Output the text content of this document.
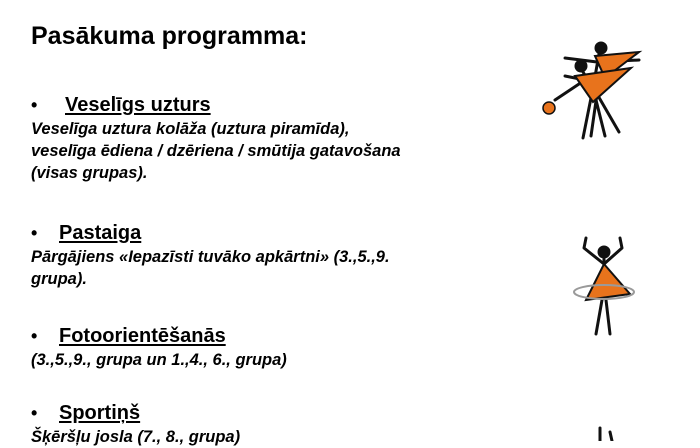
Pasākuma programma:
•	Veselīgs uzturs

Veselīga uztura kolāža (uztura piramīda),

veselīga ēdiena / dzēriena / smūtija gatavošana

(visas grupas).

•	Pastaiga

Pārgājiens «Iepazīsti tuvāko apkārtni» (3.,5.,9.

grupa).

•	Fotoorientēšanās

(3.,5.,9., grupa un 1.,4., 6., grupa)

•	Sportiņš

Šķēršļu josla (7., 8., grupa)
